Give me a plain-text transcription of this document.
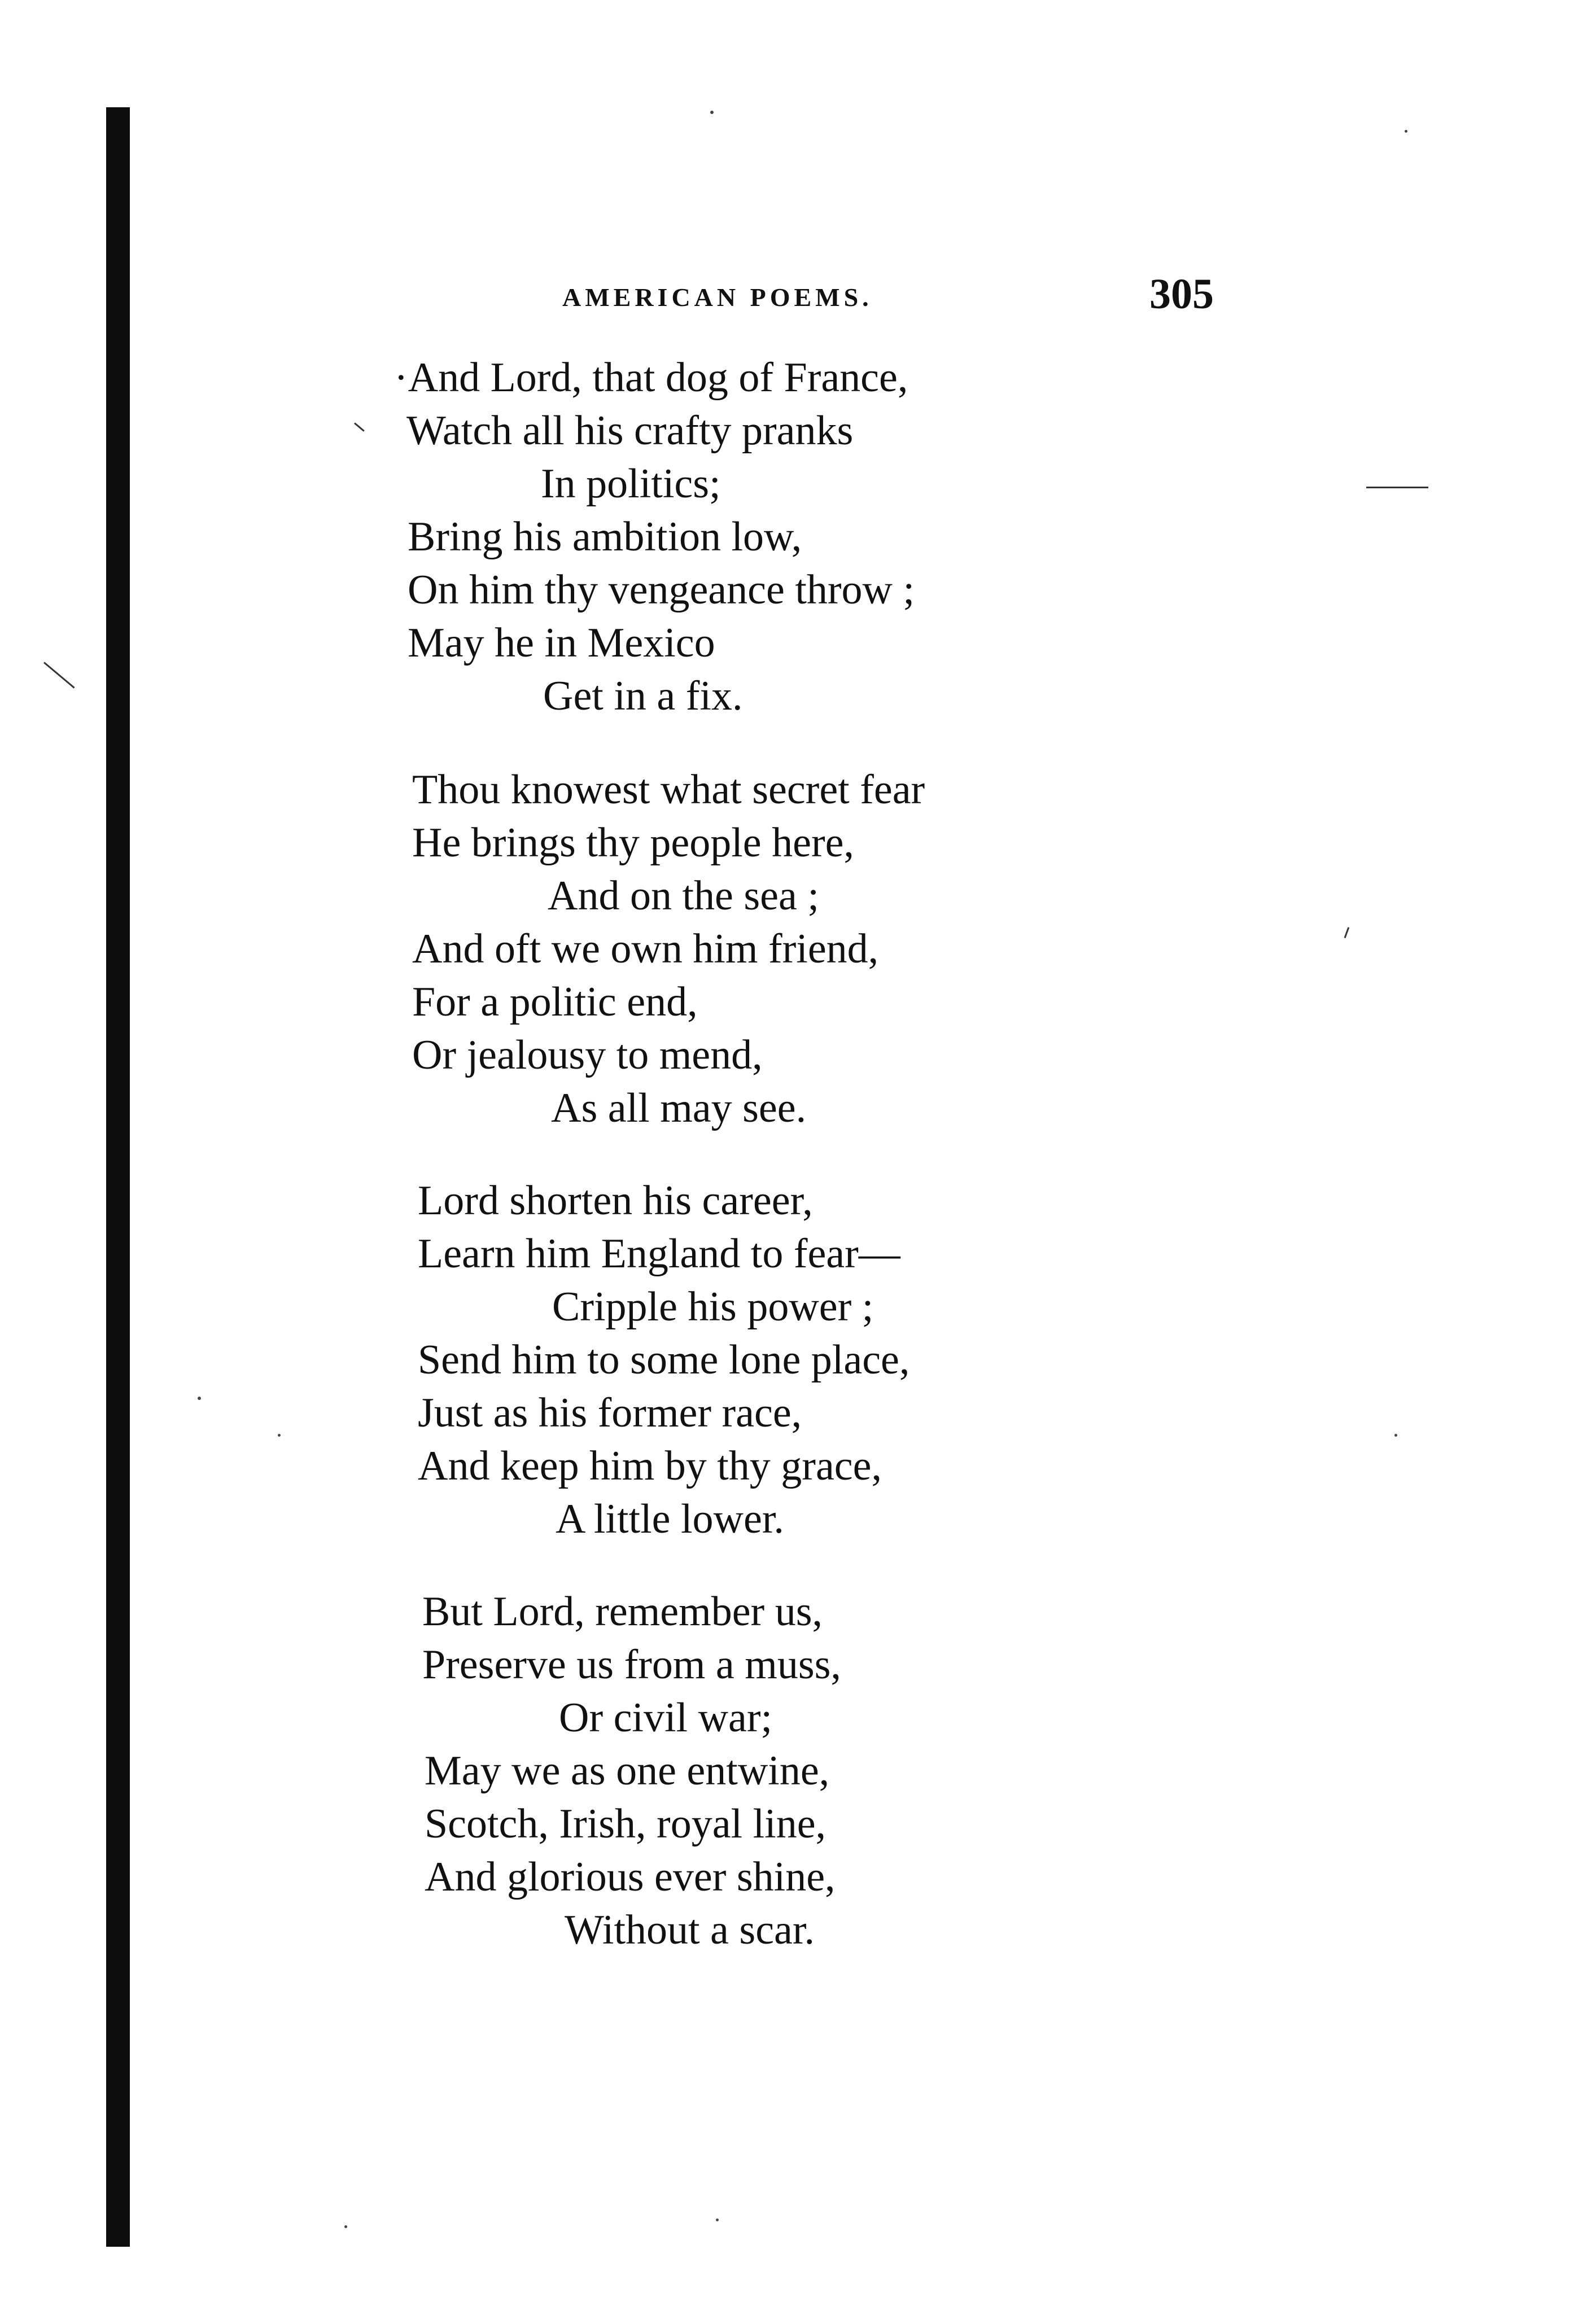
AMERICAN POEMS.	305
·And Lord, that dog of France,
Watch all his crafty pranks
In politics;
Bring his ambition low,
On him thy vengeance throw ;
May he in Mexico
Get in a fix.
Thou knowest what secret fear
He brings thy people here,
And on the sea ;
And oft we own him friend,
For a politic end,
Or jealousy to mend,
As all may see.
Lord shorten his career,
Learn him England to fear—
Cripple his power ;
Send him to some lone place,
Just as his former race,
And keep him by thy grace,
A little lower.
But Lord, remember us,
Preserve us from a muss,
Or civil war;
May we as one entwine,
Scotch, Irish, royal line,
And glorious ever shine,
Without a scar.
